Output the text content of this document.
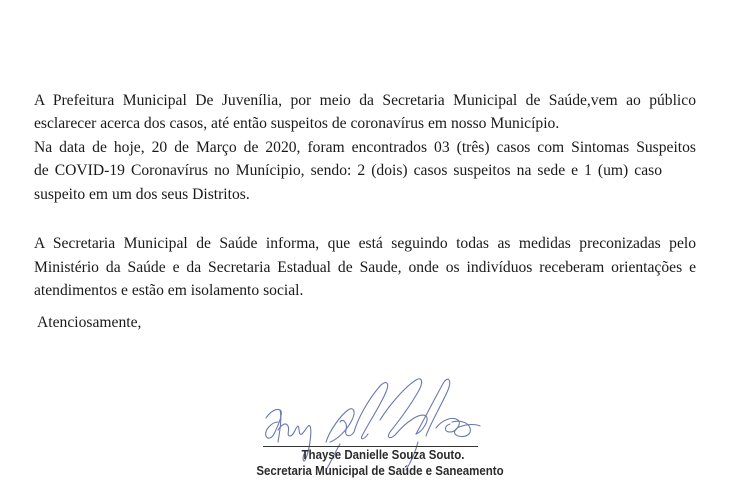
A Prefeitura Municipal De Juvenília, por meio da Secretaria Municipal de Saúde,vem ao público
esclarecer acerca dos casos, até então suspeitos de coronavírus em nosso Município.
Na data de hoje, 20 de Março de 2020, foram encontrados 03 (três) casos com Sintomas Suspeitos
de COVID-19 Coronavírus no Munícipio, sendo: 2 (dois) casos suspeitos na sede e 1 (um) caso
suspeito em um dos seus Distritos.
A Secretaria Municipal de Saúde informa, que está seguindo todas as medidas preconizadas pelo
Ministério da Saúde e da Secretaria Estadual de Saude, onde os indivíduos receberam orientações e
atendimentos e estão em isolamento social.
Atenciosamente,
Thayse Danielle Souza Souto.
Secretaria Municipal de Saúde e Saneamento
